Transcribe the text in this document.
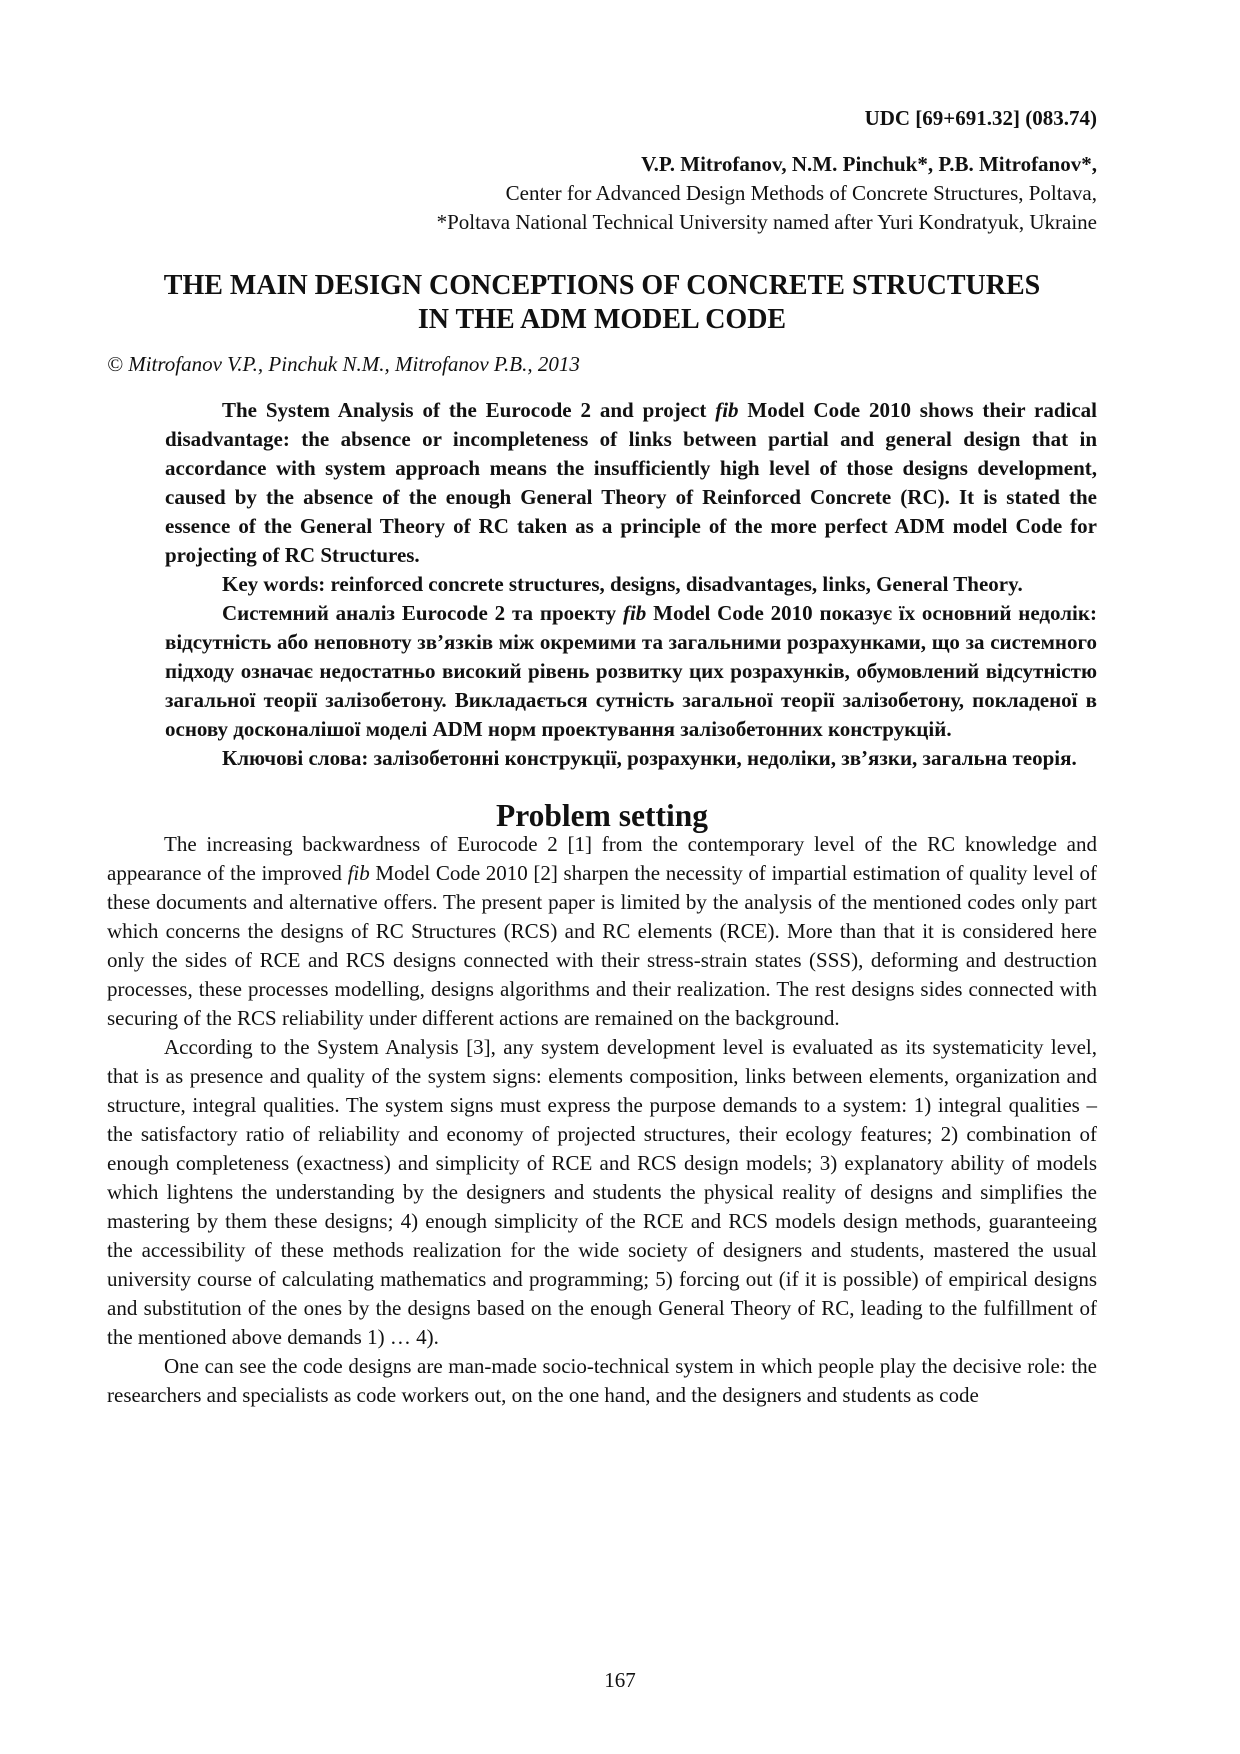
UDC [69+691.32] (083.74)

V.P. Mitrofanov, N.M. Pinchuk*, P.B. Mitrofanov*,

Center for Advanced Design Methods of Concrete Structures, Poltava,

*Poltava National Technical University named after Yuri Kondratyuk, Ukraine

THE MAIN DESIGN CONCEPTIONS OF CONCRETE STRUCTURES
IN THE ADM MODEL CODE

© Mitrofanov V.P., Pinchuk N.M., Mitrofanov P.B., 2013

The System Analysis of the Eurocode 2 and project fib Model Code 2010 shows their radical disadvantage: the absence or incompleteness of links between partial and general design that in accordance with system approach means the insufficiently high level of those designs development, caused by the absence of the enough General Theory of Reinforced Concrete (RC). It is stated the essence of the General Theory of RC taken as a principle of the more perfect ADM model Code for projecting of RC Structures.

Key words: reinforced concrete structures, designs, disadvantages, links, General Theory.

Системний аналіз Eurocode 2 та проекту fib Model Code 2010 показує їх основний недолік: відсутність або неповноту зв’язків між окремими та загальними розрахунками, що за системного підходу означає недостатньо високий рівень розвитку цих розрахунків, обумовлений відсутністю загальної теорії залізобетону. Викладається сутність загальної теорії залізобетону, покладеної в основу досконалішої моделі ADM норм проектування залізобетонних конструкцій.

Ключові слова: залізобетонні конструкції, розрахунки, недоліки, зв’язки, загальна теорія.

Problem setting

The increasing backwardness of Eurocode 2 [1] from the contemporary level of the RC knowledge and appearance of the improved fib Model Code 2010 [2] sharpen the necessity of impartial estimation of quality level of these documents and alternative offers. The present paper is limited by the analysis of the mentioned codes only part which concerns the designs of RC Structures (RCS) and RC elements (RCE). More than that it is considered here only the sides of RCE and RCS designs connected with their stress-strain states (SSS), deforming and destruction processes, these processes modelling, designs algorithms and their realization. The rest designs sides connected with securing of the RCS reliability under different actions are remained on the background.

According to the System Analysis [3], any system development level is evaluated as its systematicity level, that is as presence and quality of the system signs: elements composition, links between elements, organization and structure, integral qualities. The system signs must express the purpose demands to a system: 1) integral qualities – the satisfactory ratio of reliability and economy of projected structures, their ecology features; 2) combination of enough completeness (exactness) and simplicity of RCE and RCS design models; 3) explanatory ability of models which lightens the understanding by the designers and students the physical reality of designs and simplifies the mastering by them these designs; 4) enough simplicity of the RCE and RCS models design methods, guaranteeing the accessibility of these methods realization for the wide society of designers and students, mastered the usual university course of calculating mathematics and programming; 5) forcing out (if it is possible) of empirical designs and substitution of the ones by the designs based on the enough General Theory of RC, leading to the fulfillment of the mentioned above demands 1) … 4).

One can see the code designs are man-made socio-technical system in which people play the decisive role: the researchers and specialists as code workers out, on the one hand, and the designers and students as code

167
